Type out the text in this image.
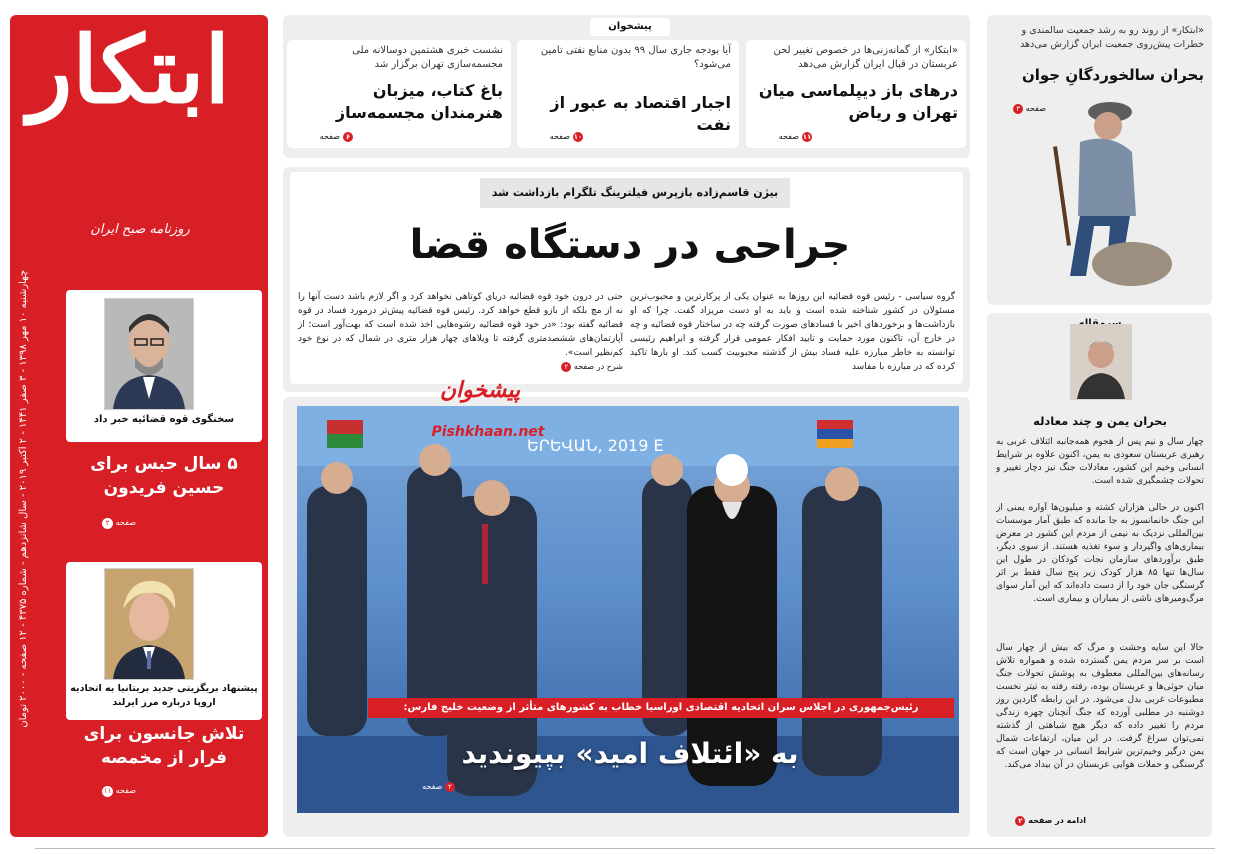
ابتکار
چهارشنبه ۱۰ مهر ۱۳۹۸ - ۳ صفر ۱۴۴۱ - ۲ اکتبر ۲۰۱۹ - سال شانزدهم - شماره ۴۳۷۵ - ۱۲ صفحه - ۲۰۰۰ تومان
روزنامه صبح ایران
سخنگوی قوه قضائیه خبر داد
۵ سال حبس برای حسین فریدون
صفحه ۲
پیشنهاد بریگزیتی جدید بریتانیا به اتحادیه اروپا درباره مرز ایرلند
تلاش جانسون برای فرار از مخمصه
صفحه ۱۱
پیشخوان
«ابتکار» از گمانه‌زنی‌ها در خصوص تغییر لحن عربستان در قبال ایران گزارش می‌دهد
درهای باز دیپلماسی میان تهران و ریاض
۱۱صفحه
آیا بودجه جاری سال ۹۹ بدون منابع نفتی تامین می‌شود؟
اجبار اقتصاد به عبور از نفت
۱۰صفحه
نشست خبری هشتمین دوسالانه ملی مجسمه‌سازی تهران برگزار شد
باغ کتاب، میزبان هنرمندان مجسمه‌ساز
۶صفحه
بیژن قاسم‌زاده بازپرس فیلترینگ تلگرام بازداشت شد
جراحی در دستگاه قضا
گروه سیاسی - رئیس قوه قضائیه این روزها به عنوان یکی از پرکارترین و محبوب‌ترین مسئولان در کشور شناخته شده است و باید به او دست مریزاد گفت. چرا که او بازداشت‌ها و برخوردهای اخیر با فسادهای صورت گرفته چه در ساختار قوه قضائیه و چه در خارج آن، تاکنون مورد حمایت و تایید افکار عمومی قرار گرفته و ابراهیم رئیسی توانسته به خاطر مبارزه علیه فساد بیش از گذشته محبوبیت کسب کند. او بارها تاکید کرده که در مبارزه با مفاسد
حتی در درون خود قوه قضائیه دریای کوتاهی نخواهد کرد و اگر لازم باشد دست آنها را نه از مچ بلکه از بازو قطع خواهد کرد. رئیس قوه قضائیه پیش‌تر درمورد فساد در قوه قضائیه گفته بود: «در خود قوه قضائیه رشوه‌هایی اخذ شده است که بهت‌آور است؛ از آپارتمان‌های ششصدمتری گرفته تا ویلاهای چهار هزار متری در شمال که در نوع خود کم‌نظیر است».
شرح در صفحه ۲
ԵՐԵՎԱՆ, 2019 Е
پیشخوان
Pishkhaan.net
رئیس‌جمهوری در اجلاس سران اتحادیه اقتصادی اوراسیا خطاب به کشورهای متأثر از وضعیت خلیج فارس:
به «ائتلاف امید» بپیوندید
۲ صفحه
«ابتکار» از روند رو به رشد جمعیت سالمندی و خطرات پیش‌روی جمعیت ایران گزارش می‌دهد
بحران سالخوردگانِ جوان
صفحه ۳
بحران یمن و چند معادله
چهار سال و نیم پس از هجوم همه‌جانبه ائتلاف عربی به رهبری عربستان سعودی به یمن، اکنون علاوه بر شرایط انسانی وخیم این کشور، معادلات جنگ نیز دچار تغییر و تحولات چشمگیری شده است.
اکنون در حالی هزاران کشته و میلیون‌ها آواره یمنی از این جنگ خانمانسوز به جا مانده که طبق آمار موسسات بین‌المللی نزدیک به نیمی از مردم این کشور در معرض بیماری‌های واگیردار و سوء تغذیه هستند. از سوی دیگر، طبق برآوردهای سازمان نجات کودکان در طول این سال‌ها تنها ۸۵ هزار کودک زیر پنج سال فقط بر اثر گرسنگی جان خود را از دست داده‌اند که این آمار سوای مرگ‌ومیرهای ناشی از بمباران و بیماری است.
حالا این سایه وحشت و مرگ که بیش از چهار سال است بر سر مردم یمن گسترده شده و همواره تلاش رسانه‌های بین‌المللی معطوف به پوشش تحولات جنگ میان حوثی‌ها و عربستان بوده، رفته رفته به تیتر نخست مطبوعات غربی بدل می‌شود. در این رابطه گاردین روز دوشنبه در مطلبی آورده که جنگ آنچنان چهره زندگی مردم را تغییر داده که دیگر هیچ شباهتی از گذشته نمی‌توان سراغ گرفت. در این میان، ارتفاعات شمال یمن درگیر وخیم‌ترین شرایط انسانی در جهان است که گرسنگی و حملات هوایی عربستان در آن بیداد می‌کند.
ادامه در صفحه ۲
